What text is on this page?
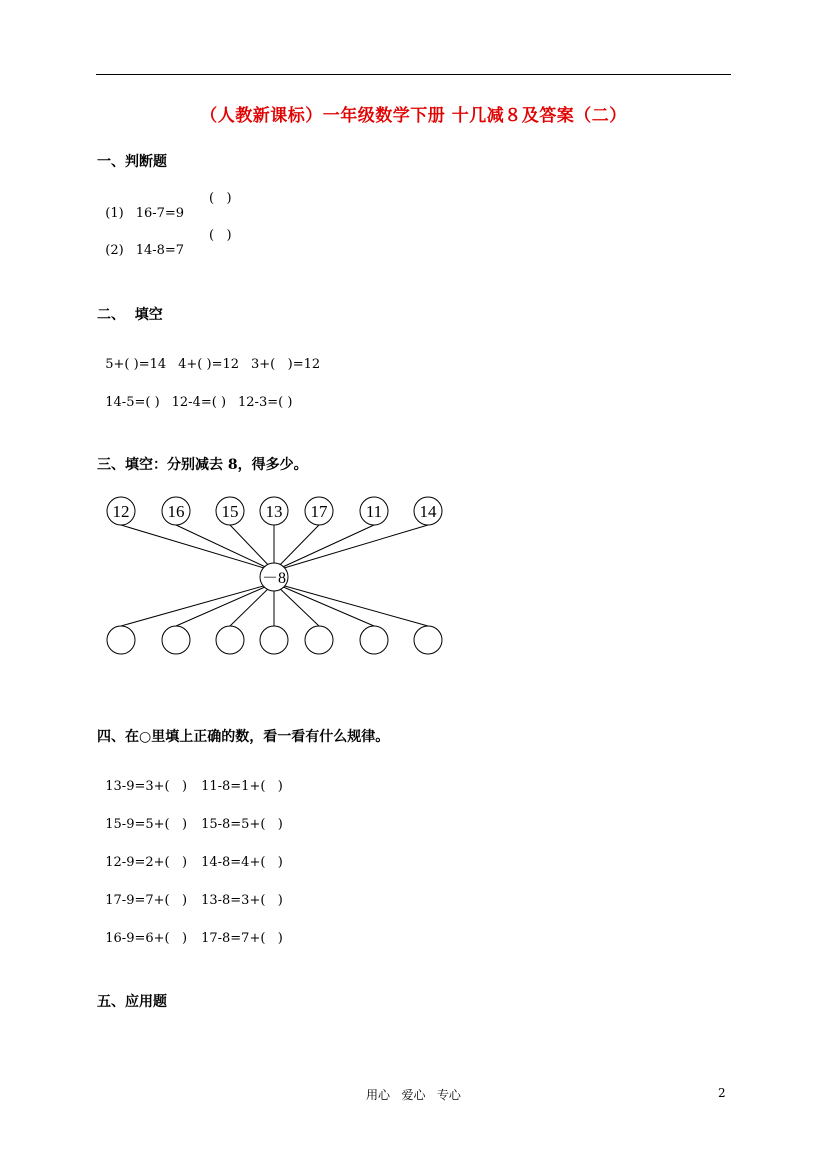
（人教新课标）一年级数学下册 十几减８及答案（二）
一、判断题

(1) 16-7=9

(   )

(2) 14-8=7

(   )
二、  填空

5+( )=14 4+( )=12 3+(   )=12

14-5=( ) 12-4=( ) 12-3=( )

三、填空：分别减去 8，得多少。
12 16 15 13 17 11 14
－8
四、在○里填上正确的数，看一看有什么规律。

13-9=3+(   ) 11-8=1+(   )

15-9=5+(   ) 15-8=5+(   )

12-9=2+(   ) 14-8=4+(   )

17-9=7+(   ) 13-8=3+(   )

16-9=6+(   ) 17-8=7+(   )

五、应用题
用心   爱心   专心	2
